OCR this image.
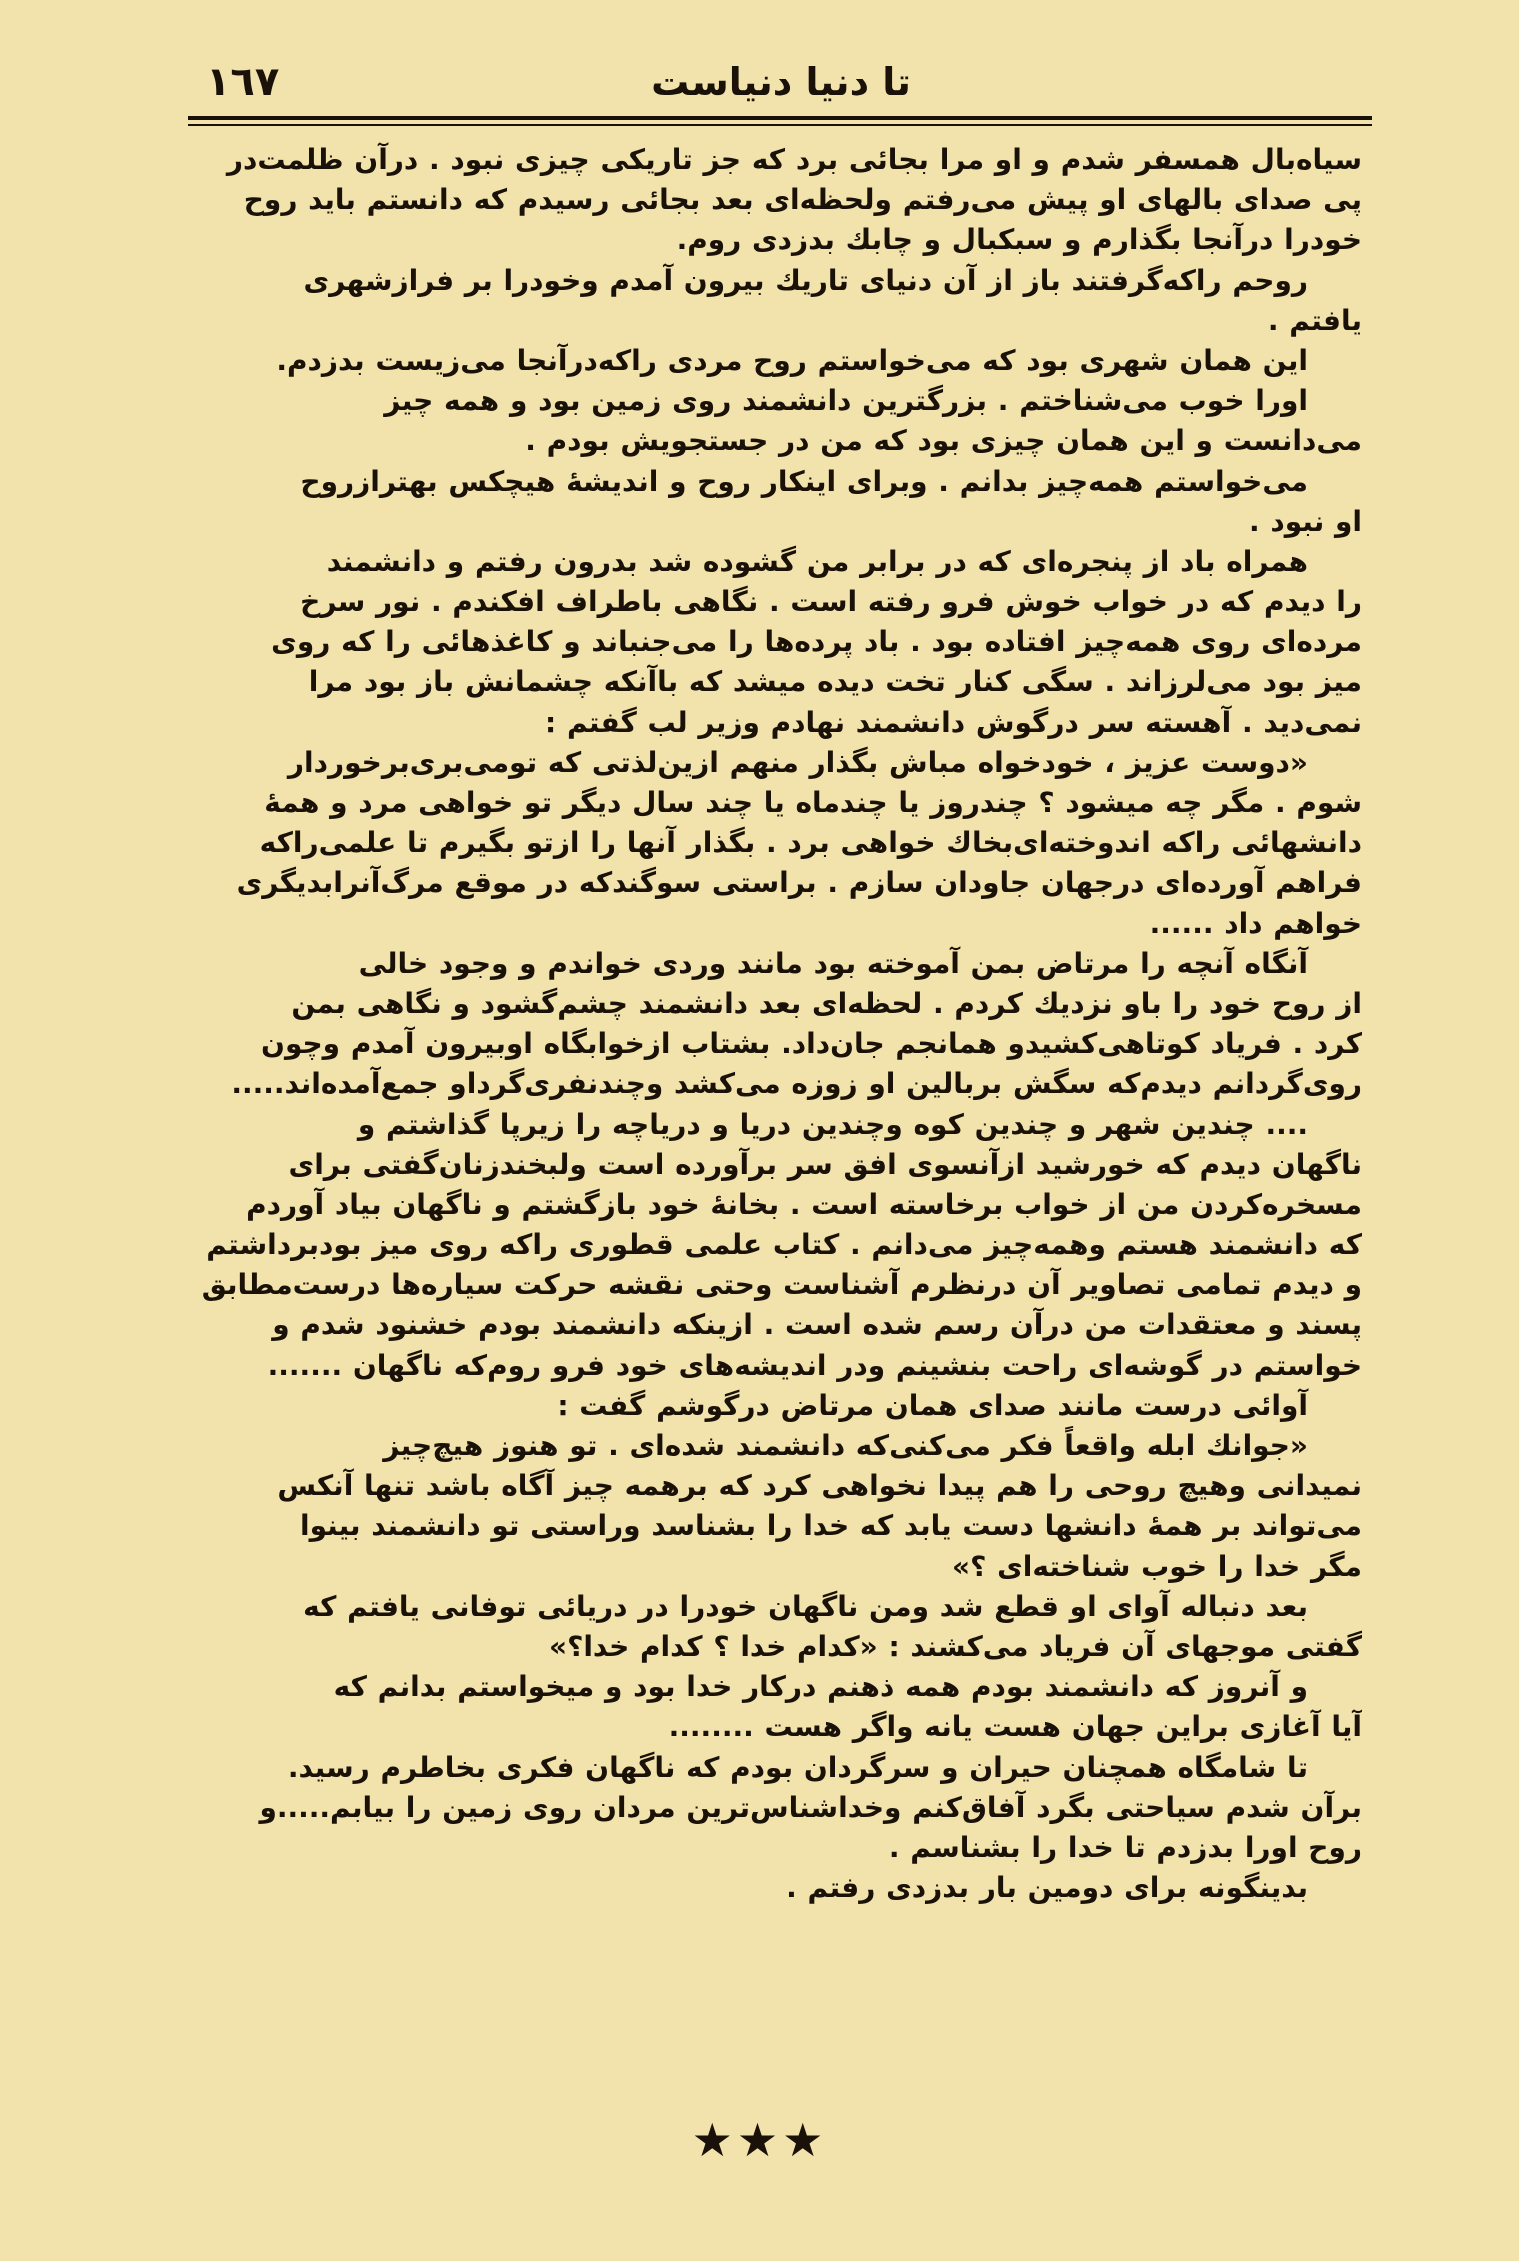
١٦٧	تا دنیا دنیاست
سیاه‌بال همسفر شدم و او مرا بجائی برد که جز تاریکی چیزی نبود . درآن ظلمت‌در
پی صدای بالهای او پیش می‌رفتم ولحظه‌ای بعد بجائی رسیدم که دانستم باید روح
خودرا درآنجا بگذارم و سبکبال و چابك بدزدی روم.
روحم راکه‌گرفتند باز از آن دنیای تاریك بیرون آمدم وخودرا بر فرازشهری
یافتم .
این همان شهری بود که می‌خواستم روح مردی راکه‌درآنجا می‌زیست بدزدم.
اورا خوب می‌شناختم . بزرگترین دانشمند روی زمین بود و همه چیز
می‌دانست و این همان چیزی بود که من در جستجویش بودم .
می‌خواستم همه‌چیز بدانم . وبرای اینکار روح و اندیشهٔ هیچکس بهترازروح
او نبود .
همراه باد از پنجره‌ای که در برابر من گشوده شد بدرون رفتم و دانشمند
را دیدم که در خواب خوش فرو رفته است . نگاهی باطراف افکندم . نور سرخ
مرده‌ای روی همه‌چیز افتاده بود . باد پرده‌ها را می‌جنباند و کاغذهائی را که روی
میز بود می‌لرزاند . سگی کنار تخت دیده میشد که باآنکه چشمانش باز بود مرا
نمی‌دید . آهسته سر درگوش دانشمند نهادم وزیر لب گفتم :
«دوست عزیز ، خودخواه مباش بگذار منهم ازین‌لذتی که تومی‌بری‌برخوردار
شوم . مگر چه میشود ؟ چندروز یا چندماه یا چند سال دیگر تو خواهی مرد و همهٔ
دانشهائی راکه اندوخته‌ای‌بخاك خواهی برد . بگذار آنها را ازتو بگیرم تا علمی‌راکه
فراهم آورده‌ای درجهان جاودان سازم . براستی سوگندکه در موقع مرگ‌آنرابدیگری
خواهم داد ......
آنگاه آنچه را مرتاض بمن آموخته بود مانند وردی خواندم و وجود خالی
از روح خود را باو نزدیك کردم . لحظه‌ای بعد دانشمند چشم‌گشود و نگاهی بمن
کرد . فریاد کوتاهی‌کشیدو همانجم جان‌داد. بشتاب ازخوابگاه اوبیرون آمدم وچون
روی‌گردانم دیدم‌که سگش بربالین او زوزه می‌کشد وچندنفری‌گرداو جمع‌آمده‌اند.....
.... چندین شهر و چندین کوه وچندین دریا و دریاچه را زیرپا گذاشتم و
ناگهان دیدم که خورشید ازآنسوی افق سر برآورده است ولبخندزنان‌گفتی برای
مسخره‌کردن من از خواب برخاسته است . بخانهٔ خود بازگشتم و ناگهان بیاد آوردم
که دانشمند هستم وهمه‌چیز می‌دانم . کتاب علمی قطوری راکه روی میز بودبرداشتم
و دیدم تمامی تصاویر آن درنظرم آشناست وحتی نقشه حرکت سیاره‌ها درست‌مطابق
پسند و معتقدات من درآن رسم شده است . ازینکه دانشمند بودم خشنود شدم و
خواستم در گوشه‌ای راحت بنشینم ودر اندیشه‌های خود فرو روم‌که ناگهان .......
آوائی درست مانند صدای همان مرتاض درگوشم گفت :
«جوانك ابله واقعاً فکر می‌کنی‌که دانشمند شده‌ای . تو هنوز هیچ‌چیز
نمیدانی وهیچ روحی را هم پیدا نخواهی کرد که برهمه چیز آگاه باشد تنها آنکس
می‌تواند بر همهٔ دانشها دست یابد که خدا را بشناسد وراستی تو دانشمند بینوا
مگر خدا را خوب شناخته‌ای ؟»
بعد دنباله آوای او قطع شد ومن ناگهان خودرا در دریائی توفانی یافتم که
گفتی موجهای آن فریاد می‌کشند : «کدام خدا ؟ کدام خدا؟»
و آنروز که دانشمند بودم همه ذهنم درکار خدا بود و میخواستم بدانم که
آیا آغازی براین جهان هست یانه واگر هست ........
تا شامگاه همچنان حیران و سرگردان بودم که ناگهان فکری بخاطرم رسید.
برآن شدم سیاحتی بگرد آفاق‌کنم وخداشناس‌ترین مردان روی زمین را بیابم.....و
روح اورا بدزدم تا خدا را بشناسم .
بدینگونه برای دومین بار بدزدی رفتم .
★★★
